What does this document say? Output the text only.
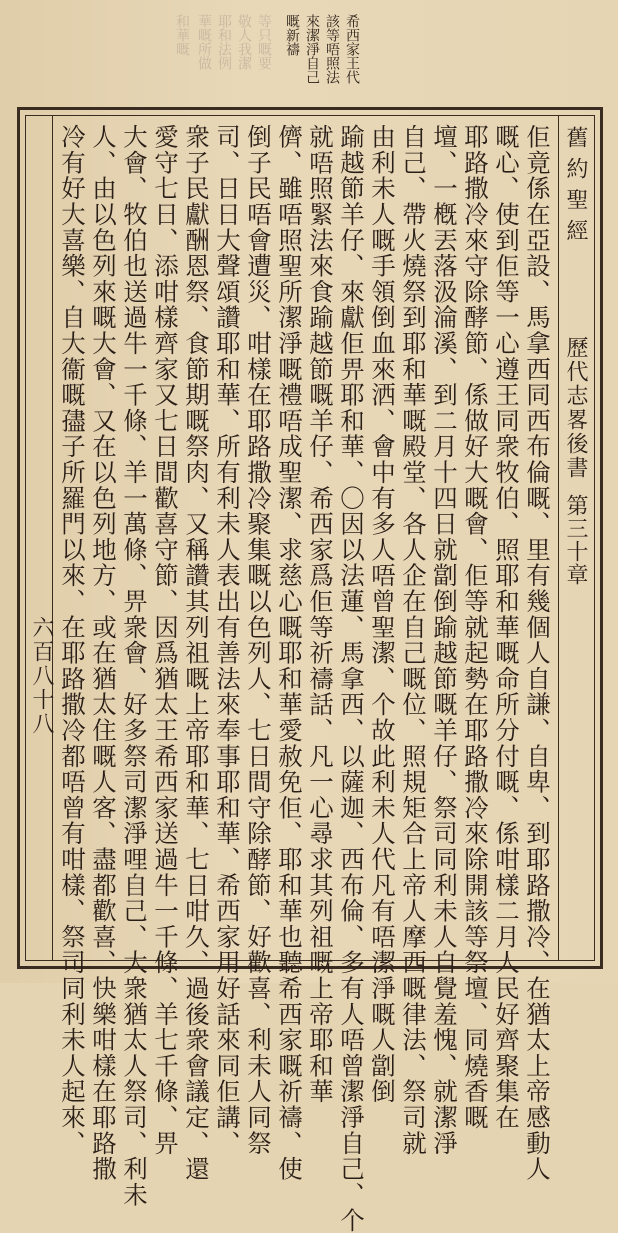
和華嘅 華嘅所做 耶和法例 敬人我潔 等只嘅要 嘅新禱 來潔淨自己 該等唔照法 希西家王代
舊約聖經
歷代志畧後書
第三十章
佢竟係在亞設、馬拿西同西布倫嘅、里有幾個人自謙、自卑、到耶路撒冷、在猶太上帝感動人
嘅心、使到佢等一心遵王同衆牧伯、照耶和華嘅命所分付嘅、係咁樣二月人民好齊聚集在
耶路撒冷來守除酵節、係做好大嘅會、佢等就起勢在耶路撒冷來除開該等祭壇、同燒香嘅
壇、一槪丟落汲淪溪、到二月十四日就劏倒踰越節嘅羊仔、祭司同利未人自覺羞愧、就潔淨
自己、帶火燒祭到耶和華嘅殿堂、各人企在自己嘅位、照規矩合上帝人摩西嘅律法、祭司就
由利未人嘅手領倒血來洒、會中有多人唔曾聖潔、个故此利未人代凡有唔潔淨嘅人劏倒
踰越節羊仔、來獻佢畀耶和華、〇因以法蓮、馬拿西、以薩迦、西布倫、多有人唔曾潔淨自己、个
就唔照緊法來食踰越節嘅羊仔、希西家爲佢等祈禱話、凡一心尋求其列祖嘅上帝耶和華
儕、雖唔照聖所潔淨嘅禮唔成聖潔、求慈心嘅耶和華愛赦免佢、耶和華也聽希西家嘅祈禱、使
倒子民唔會遭災、咁樣在耶路撒冷聚集嘅以色列人、七日間守除酵節、好歡喜、利未人同祭
司、日日大聲頌讚耶和華、所有利未人表出有善法來奉事耶和華、希西家用好話來同佢講、
衆子民獻酬恩祭、食節期嘅祭肉、又稱讚其列祖嘅上帝耶和華、七日咁久、過後衆會議定、還
愛守七日、添咁樣齊家又七日間歡喜守節、因爲猶太王希西家送過牛一千條、羊七千條、畀
大會、牧伯也送過牛一千條、羊一萬條、畀衆會、好多祭司潔淨哩自己、大衆猶太人祭司、利未
人、由以色列來嘅大會、又在以色列地方、或在猶太住嘅人客、盡都歡喜、快樂咁樣在耶路撒
冷有好大喜樂、自大衞嘅孻子所羅門以來、在耶路撒冷都唔曾有咁樣、祭司同利未人起來、
六百八十八
